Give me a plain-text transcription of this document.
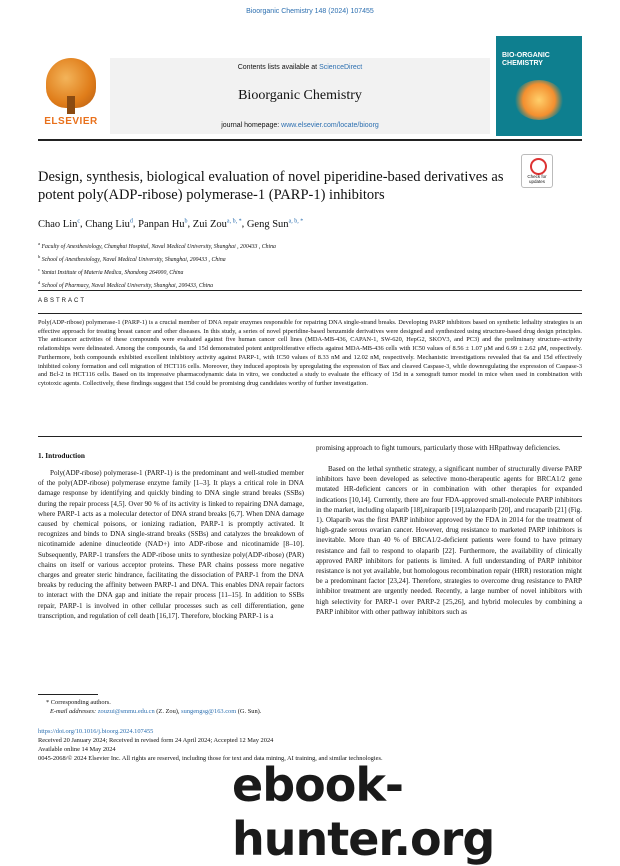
Bioorganic Chemistry 148 (2024) 107455
ELSEVIER
Contents lists available at ScienceDirect
Bioorganic Chemistry
journal homepage: www.elsevier.com/locate/bioorg
BIO-ORGANIC CHEMISTRY
Design, synthesis, biological evaluation of novel piperidine-based derivatives as potent poly(ADP-ribose) polymerase-1 (PARP-1) inhibitors
Check for updates
Chao Lin$^c$, Chang Liu$^d$, Panpan Hu$^b$, Zui Zou$^{a, b, *}$, Geng Sun$^{a, b, *}$
$^a$ Faculty of Anesthesiology, Changhai Hospital, Naval Medical University, Shanghai , 200433 , China
$^b$ School of Anesthesiology, Naval Medical University, Shanghai, 200433 , China
$^c$ Yantai Institute of Materia Medica, Shandong 264000, China
$^d$ School of Pharmacy, Naval Medical University, Shanghai, 200433, China
ABSTRACT
Poly(ADP-ribose) polymerase-1 (PARP-1) is a crucial member of DNA repair enzymes responsible for repairing DNA single-strand breaks. Developing PARP inhibitors based on synthetic lethality strategies is an effective approach for treating breast cancer and other diseases. In this study, a series of novel piperidine-based benzamide derivatives were designed and synthesized using structure-based drug design principles. The anticancer activities of these compounds were evaluated against five human cancer cell lines (MDA-MB-436, CAPAN-1, SW-620, HepG2, SKOV3, and PC3) and the preliminary structure–activity relationships were delineated. Among the compounds, 6a and 15d demonstrated potent antiproliferative effects against MDA-MB-436 cells with IC50 values of 8.56 ± 1.07 μM and 6.99 ± 2.62 μM, respectively. Furthermore, both compounds exhibited excellent inhibitory activity against PARP-1, with IC50 values of 8.33 nM and 12.02 nM, respectively. Mechanistic investigations revealed that 6a and 15d effectively inhibited colony formation and cell migration of HCT116 cells. Moreover, they induced apoptosis by upregulating the expression of Bax and cleaved Caspase-3, while downregulating the expression of Caspase-3 and Bcl-2 in HCT116 cells. Based on its impressive pharmacodynamic data in vitro, we conducted a study to evaluate the efficacy of 15d in a xenograft tumor model in mice when used in combination with cytotoxic agents. Collectively, these findings suggest that 15d could be promising drug candidates worthy of further investigation.
1. Introduction
Poly(ADP-ribose) polymerase-1 (PARP-1) is the predominant and well-studied member of the poly(ADP-ribose) polymerase enzyme family [1–3]. It plays a critical role in DNA damage response by identifying and quickly binding to DNA single strand breaks (SSBs) during the repair process [4,5]. Over 90 % of its activity is linked to repairing DNA damage, where PARP-1 acts as a molecular detector of DNA strand breaks [6,7]. When DNA damage caused by chemical poisons, or ionizing radiation, PARP-1 is promptly activated. It recognizes and binds to DNA single-strand breaks (SSBs) and catalyzes the breakdown of nicotinamide adenine dinucleotide (NAD+) into ADP-ribose and nicotinamide [8–10]. Subsequently, PARP-1 transfers the ADP-ribose units to synthesize poly(ADP-ribose) (PAR) chains on itself or various acceptor proteins. These PAR chains possess more negative charges and greater steric hindrance, facilitating the dissociation of PARP-1 from the DNA breaks by reducing the affinity between PARP-1 and DNA. This enables DNA repair factors to interact with the DNA gap and initiate the repair process [11–15]. In addition to SSBs repair, PARP-1 is involved in other cellular processes such as cell differentiation, gene transcription, and regulation of cell death [16,17]. Therefore, blocking PARP-1 is a
promising approach to fight tumours, particularly those with HRpathway deficiencies.
Based on the lethal synthetic strategy, a significant number of structurally diverse PARP inhibitors have been developed as selective mono-therapeutic agents for BRCA1/2 gene mutated HR-deficient cancers or in combination with other therapies for expanded indications [10,14]. Currently, there are four FDA-approved small-molecule PARP inhibitors in the market, including olaparib [18],niraparib [19],talazoparib [20], and rucaparib [21] (Fig. 1). Olaparib was the first PARP inhibitor approved by the FDA in 2014 for the treatment of high-grade serous ovarian cancer. However, drug resistance to marketed PARP inhibitors is inevitable. More than 40 % of BRCA1/2-deficient patients were found to have primary resistance and fail to respond to olaparib [22]. Furthermore, the availability of clinically approved PARP inhibitors for patients is limited. A full understanding of PARP inhibitor resistance is not yet available, but homologous recombination repair (HRR) restoration might be a predominant factor [23,24]. Therefore, strategies to overcome drug resistance to PARP inhibitor treatment are urgently needed. Recently, a large number of novel inhibitors with high selectivity for PARP-1 over PARP-2 [25,26], and hybrid molecules by combining a PARP inhibitor with other pathway inhibitors such as
* Corresponding authors.
E-mail addresses: zouzui@smmu.edu.cn (Z. Zou), sungengsg@163.com (G. Sun).
https://doi.org/10.1016/j.bioorg.2024.107455
Received 20 January 2024; Received in revised form 24 April 2024; Accepted 12 May 2024
Available online 14 May 2024
0045-2068/© 2024 Elsevier Inc. All rights are reserved, including those for text and data mining, AI training, and similar technologies.
ebook-hunter.org
